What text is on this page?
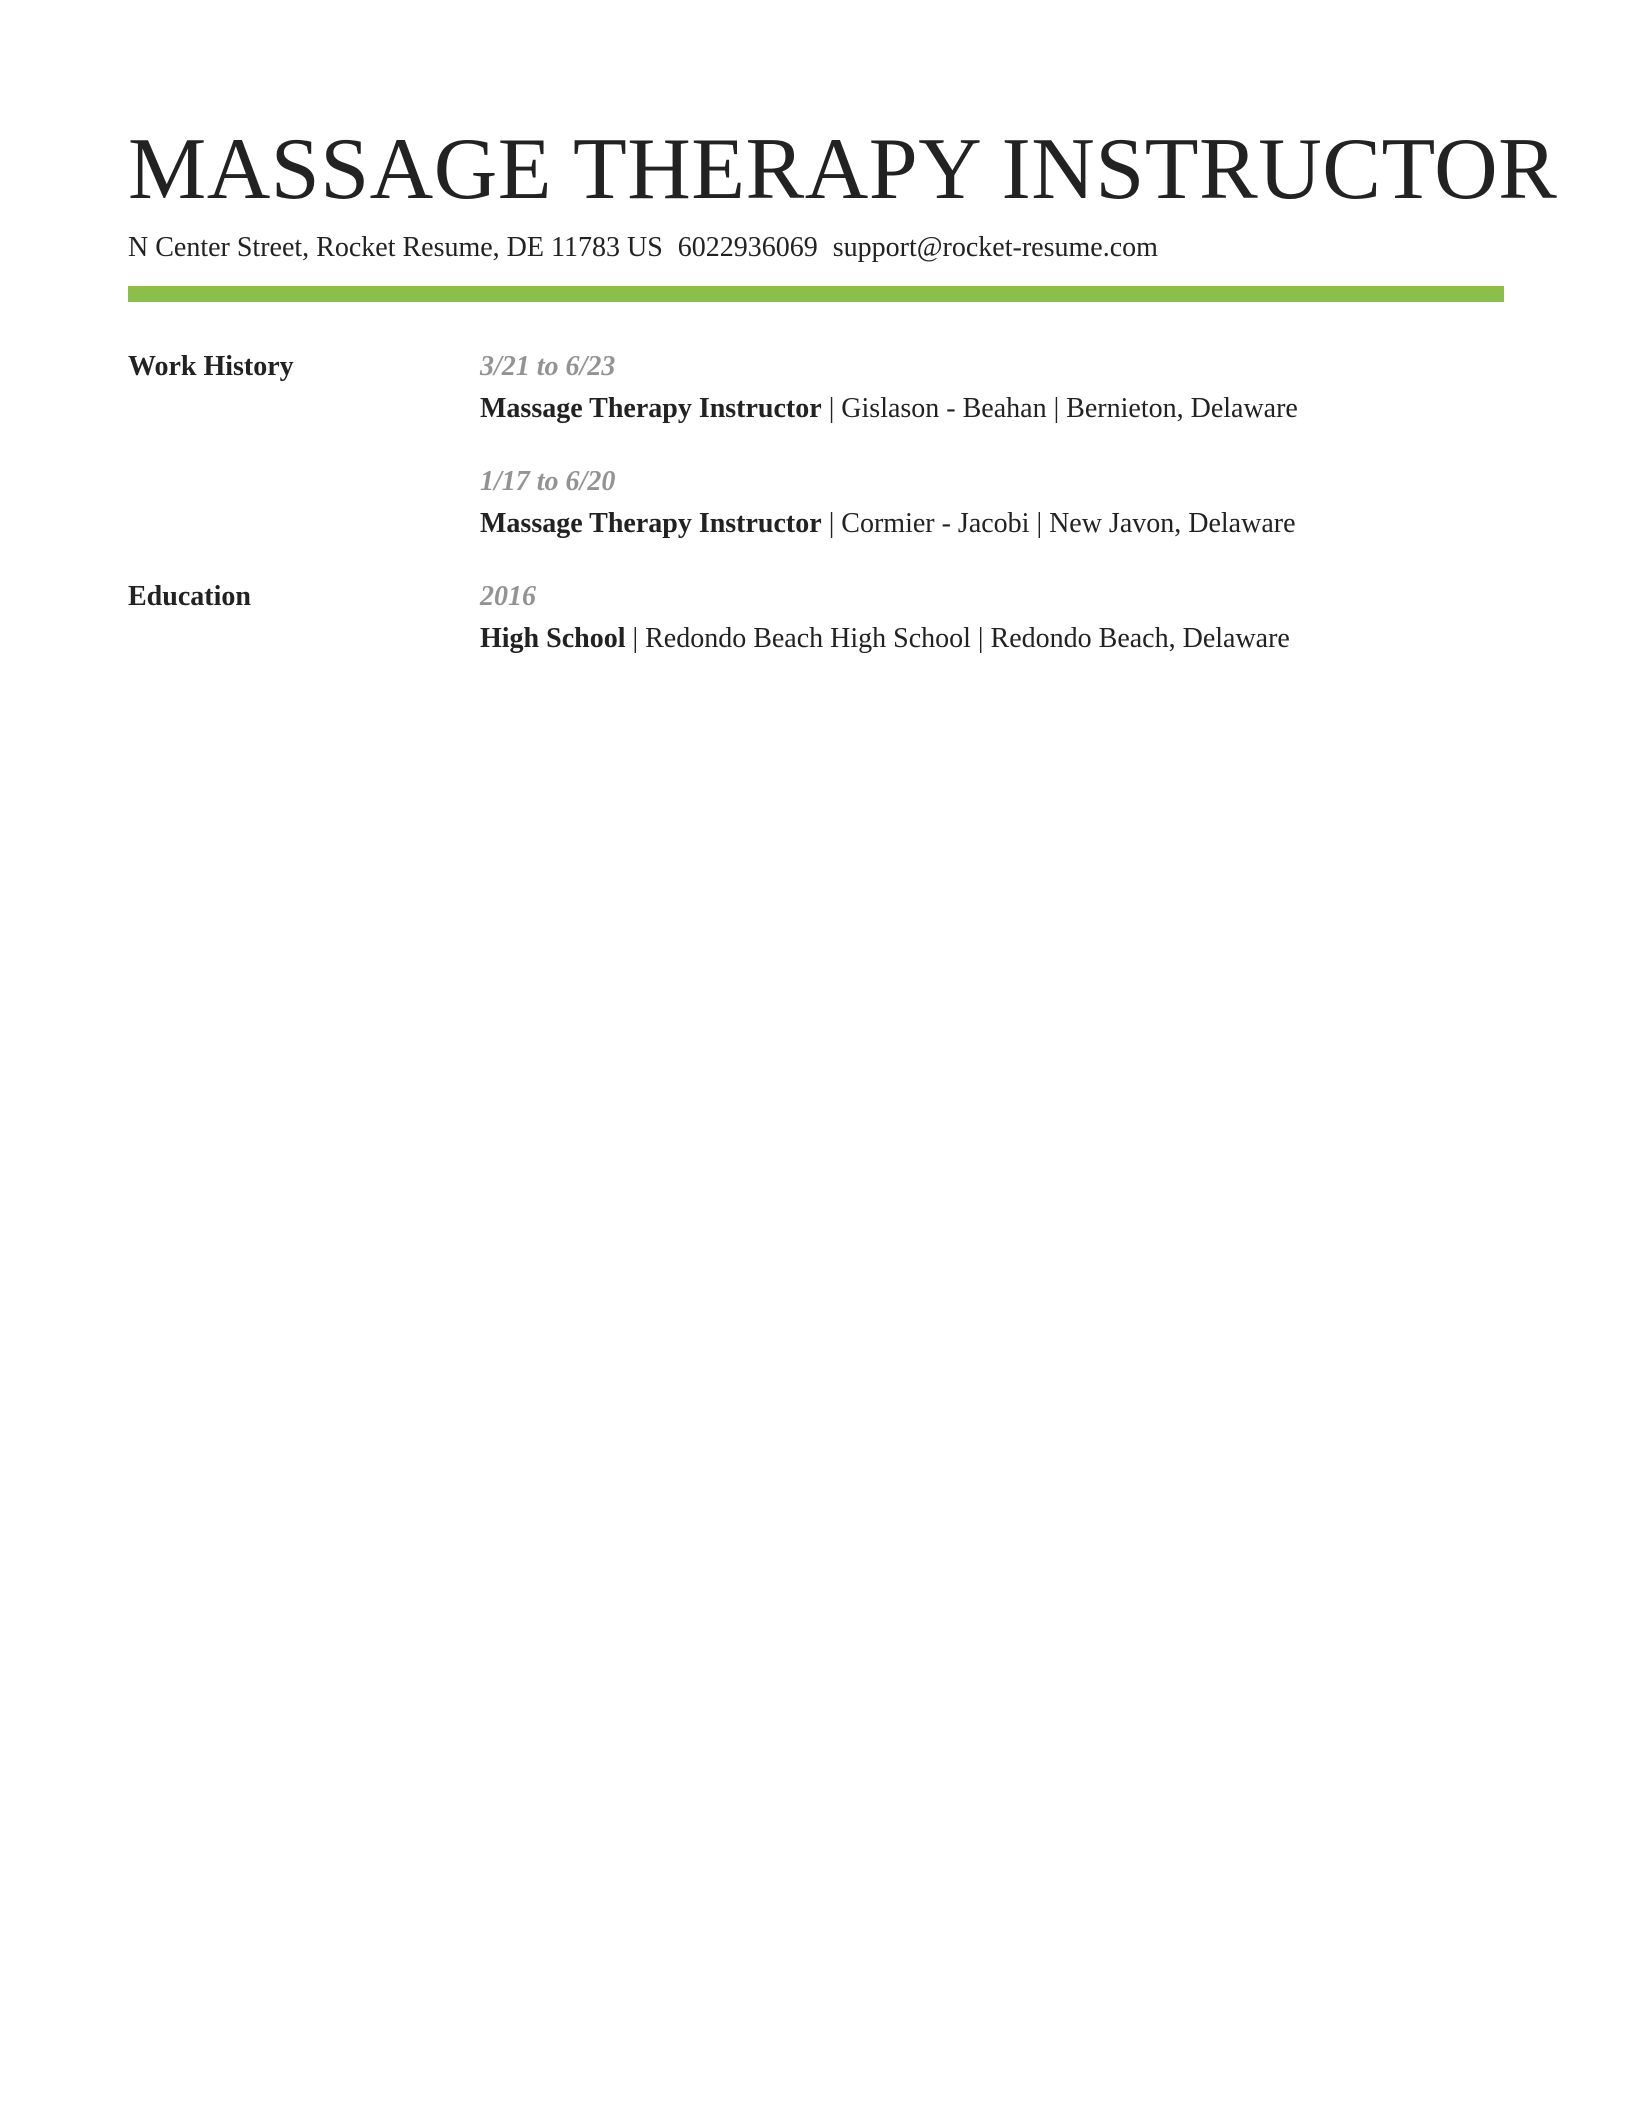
MASSAGE THERAPY INSTRUCTOR
N Center Street, Rocket Resume, DE 11783 US 6022936069 support@rocket-resume.com
Work History	3/21 to 6/23
Massage Therapy Instructor | Gislason - Beahan | Bernieton, Delaware
1/17 to 6/20
Massage Therapy Instructor | Cormier - Jacobi | New Javon, Delaware
Education	2016
High School | Redondo Beach High School | Redondo Beach, Delaware
